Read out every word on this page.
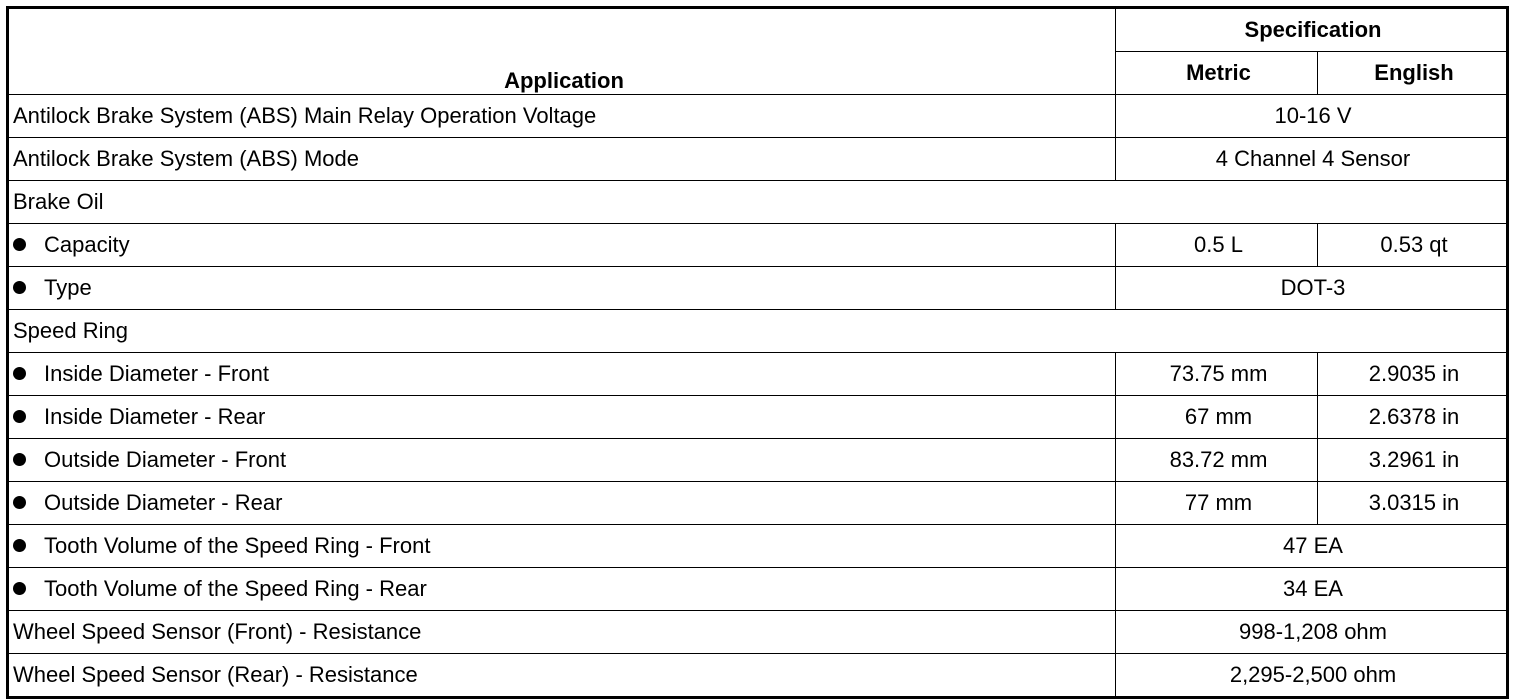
Application	Specification	
	Metric	English
Antilock Brake System (ABS) Main Relay Operation Voltage	10-16 V	
Antilock Brake System (ABS) Mode	4 Channel 4 Sensor	
Brake Oil		
Capacity	0.5 L	0.53 qt
Type	DOT-3	
Speed Ring		
Inside Diameter - Front	73.75 mm	2.9035 in
Inside Diameter - Rear	67 mm	2.6378 in
Outside Diameter - Front	83.72 mm	3.2961 in
Outside Diameter - Rear	77 mm	3.0315 in
Tooth Volume of the Speed Ring - Front	47 EA	
Tooth Volume of the Speed Ring - Rear	34 EA	
Wheel Speed Sensor (Front) - Resistance	998-1,208 ohm	
Wheel Speed Sensor (Rear) - Resistance	2,295-2,500 ohm	
